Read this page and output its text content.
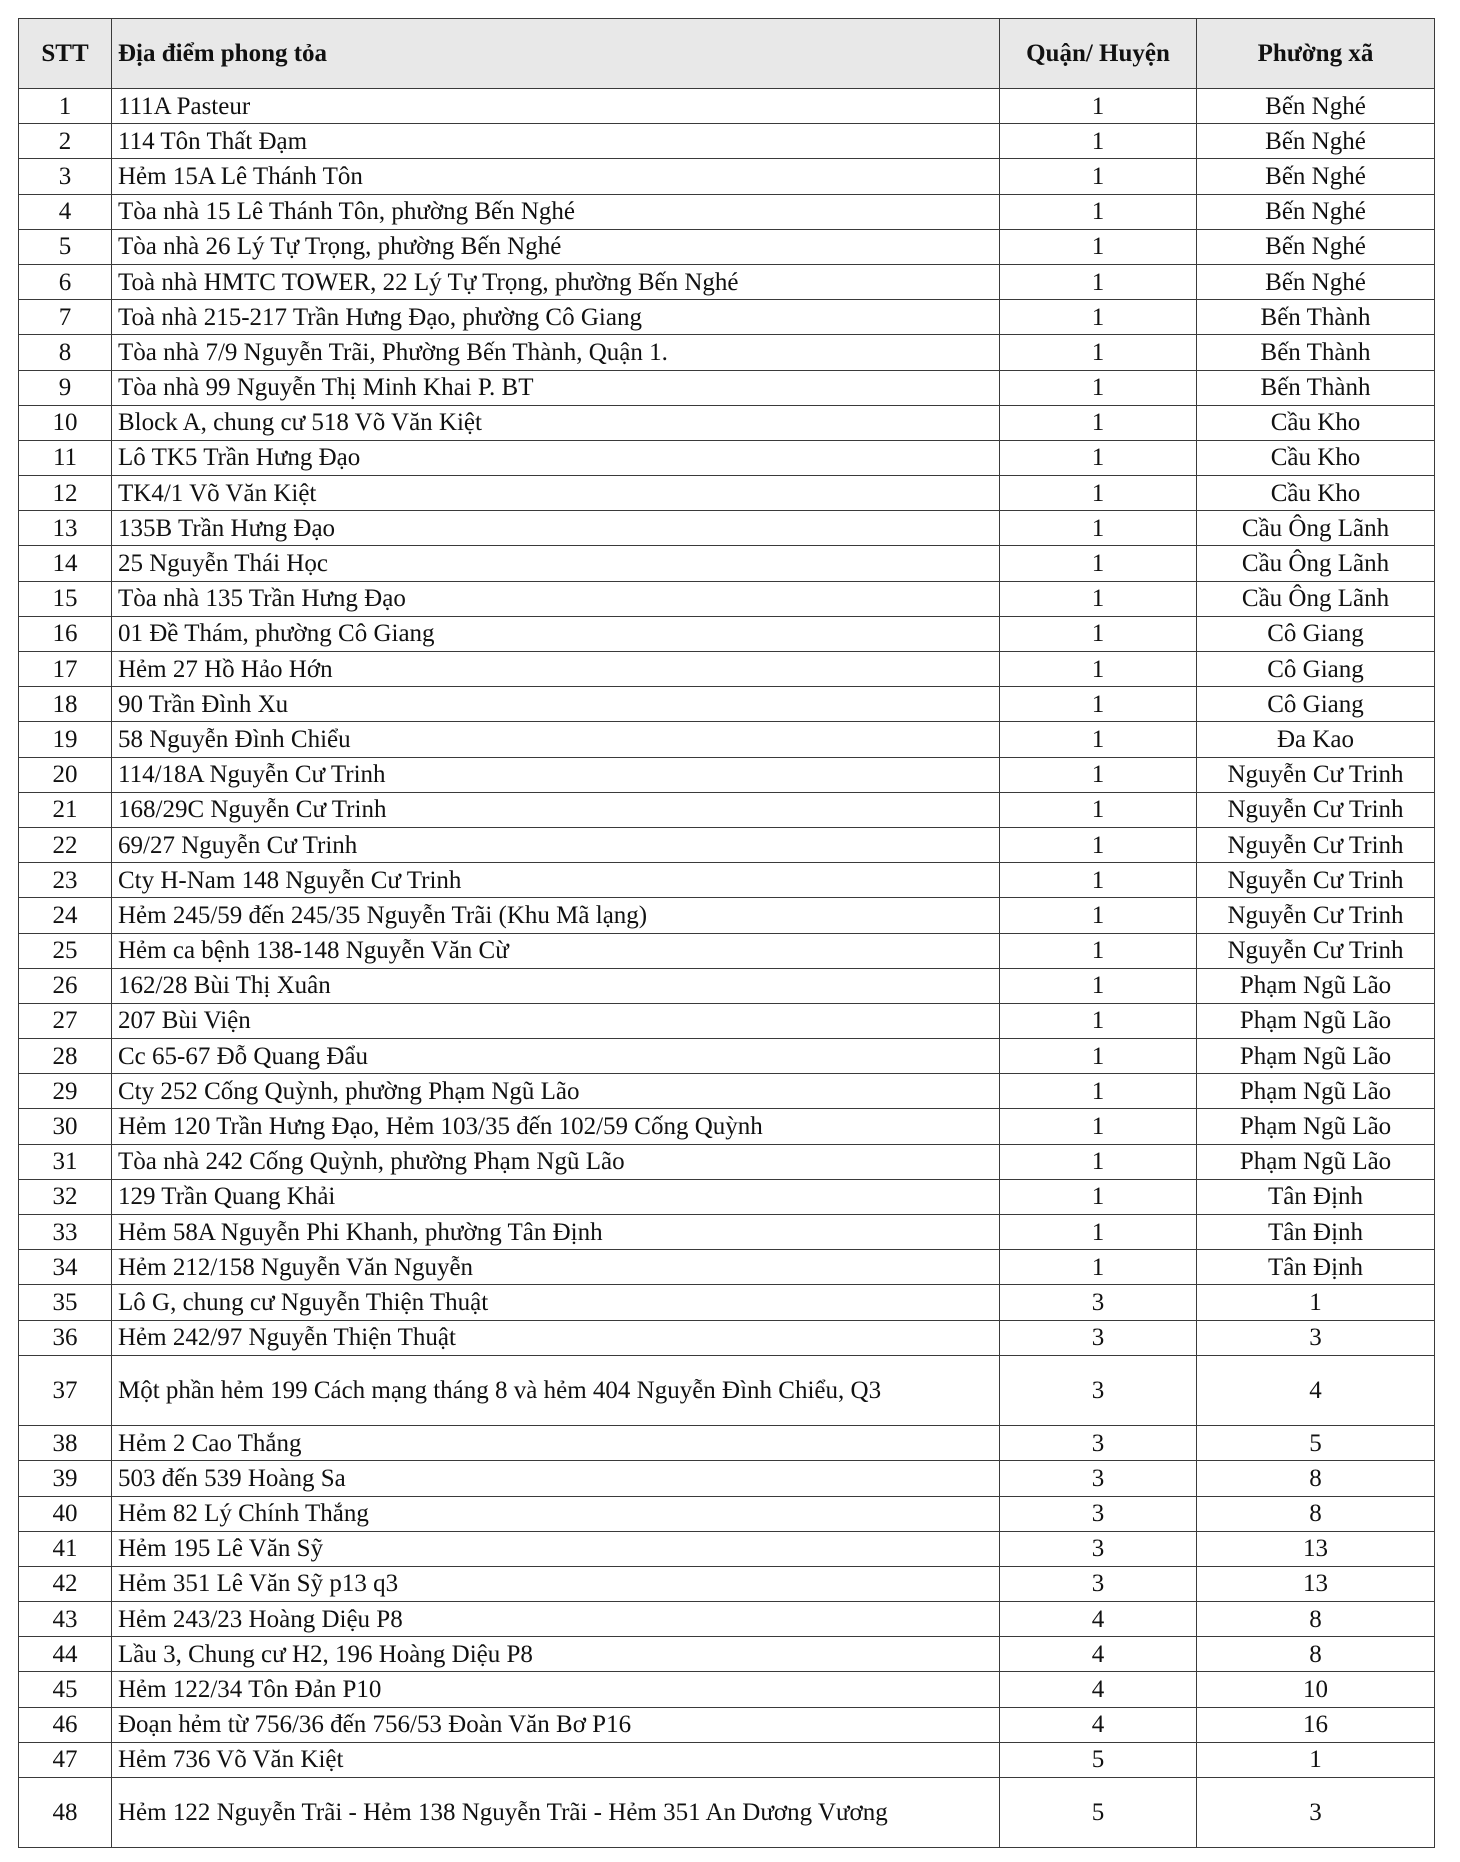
STT	Địa điểm phong tỏa	Quận/ Huyện	Phường xã
1	111A Pasteur	1	Bến Nghé
2	114 Tôn Thất Đạm	1	Bến Nghé
3	Hẻm 15A Lê Thánh Tôn	1	Bến Nghé
4	Tòa nhà 15 Lê Thánh Tôn, phường Bến Nghé	1	Bến Nghé
5	Tòa nhà 26 Lý Tự Trọng, phường Bến Nghé	1	Bến Nghé
6	Toà nhà HMTC TOWER, 22 Lý Tự Trọng, phường Bến Nghé	1	Bến Nghé
7	Toà nhà 215-217 Trần Hưng Đạo, phường Cô Giang	1	Bến Thành
8	Tòa nhà 7/9 Nguyễn Trãi, Phường Bến Thành, Quận 1.	1	Bến Thành
9	Tòa nhà 99 Nguyễn Thị Minh Khai P. BT	1	Bến Thành
10	Block A, chung cư 518 Võ Văn Kiệt	1	Cầu Kho
11	Lô TK5 Trần Hưng Đạo	1	Cầu Kho
12	TK4/1 Võ Văn Kiệt	1	Cầu Kho
13	135B Trần Hưng Đạo	1	Cầu Ông Lãnh
14	25 Nguyễn Thái Học	1	Cầu Ông Lãnh
15	Tòa nhà 135 Trần Hưng Đạo	1	Cầu Ông Lãnh
16	01 Đề Thám, phường Cô Giang	1	Cô Giang
17	Hẻm 27 Hồ Hảo Hớn	1	Cô Giang
18	90 Trần Đình Xu	1	Cô Giang
19	58 Nguyễn Đình Chiểu	1	Đa Kao
20	114/18A Nguyễn Cư Trinh	1	Nguyễn Cư Trinh
21	168/29C Nguyễn Cư Trinh	1	Nguyễn Cư Trinh
22	69/27 Nguyễn Cư Trinh	1	Nguyễn Cư Trinh
23	Cty H-Nam 148 Nguyễn Cư Trinh	1	Nguyễn Cư Trinh
24	Hẻm 245/59 đến 245/35 Nguyễn Trãi (Khu Mã lạng)	1	Nguyễn Cư Trinh
25	Hẻm ca bệnh 138-148 Nguyễn Văn Cừ	1	Nguyễn Cư Trinh
26	162/28 Bùi Thị Xuân	1	Phạm Ngũ Lão
27	207 Bùi Viện	1	Phạm Ngũ Lão
28	Cc 65-67 Đỗ Quang Đẩu	1	Phạm Ngũ Lão
29	Cty 252 Cống Quỳnh, phường Phạm Ngũ Lão	1	Phạm Ngũ Lão
30	Hẻm 120 Trần Hưng Đạo, Hẻm 103/35 đến 102/59 Cống Quỳnh	1	Phạm Ngũ Lão
31	Tòa nhà 242 Cống Quỳnh, phường Phạm Ngũ Lão	1	Phạm Ngũ Lão
32	129 Trần Quang Khải	1	Tân Định
33	Hẻm 58A Nguyễn Phi Khanh, phường Tân Định	1	Tân Định
34	Hẻm 212/158 Nguyễn Văn Nguyễn	1	Tân Định
35	Lô G, chung cư Nguyễn Thiện Thuật	3	1
36	Hẻm 242/97 Nguyễn Thiện Thuật	3	3
37	Một phần hẻm 199 Cách mạng tháng 8 và hẻm 404 Nguyễn Đình Chiểu, Q3	3	4
38	Hẻm 2 Cao Thắng	3	5
39	503 đến 539 Hoàng Sa	3	8
40	Hẻm 82 Lý Chính Thắng	3	8
41	Hẻm 195 Lê Văn Sỹ	3	13
42	Hẻm 351 Lê Văn Sỹ p13 q3	3	13
43	Hẻm 243/23 Hoàng Diệu P8	4	8
44	Lầu 3, Chung cư H2, 196 Hoàng Diệu P8	4	8
45	Hẻm 122/34 Tôn Đản P10	4	10
46	Đoạn hẻm từ 756/36 đến 756/53 Đoàn Văn Bơ P16	4	16
47	Hẻm 736 Võ Văn Kiệt	5	1
48	Hẻm 122 Nguyễn Trãi - Hẻm 138 Nguyễn Trãi - Hẻm 351 An Dương Vương	5	3
